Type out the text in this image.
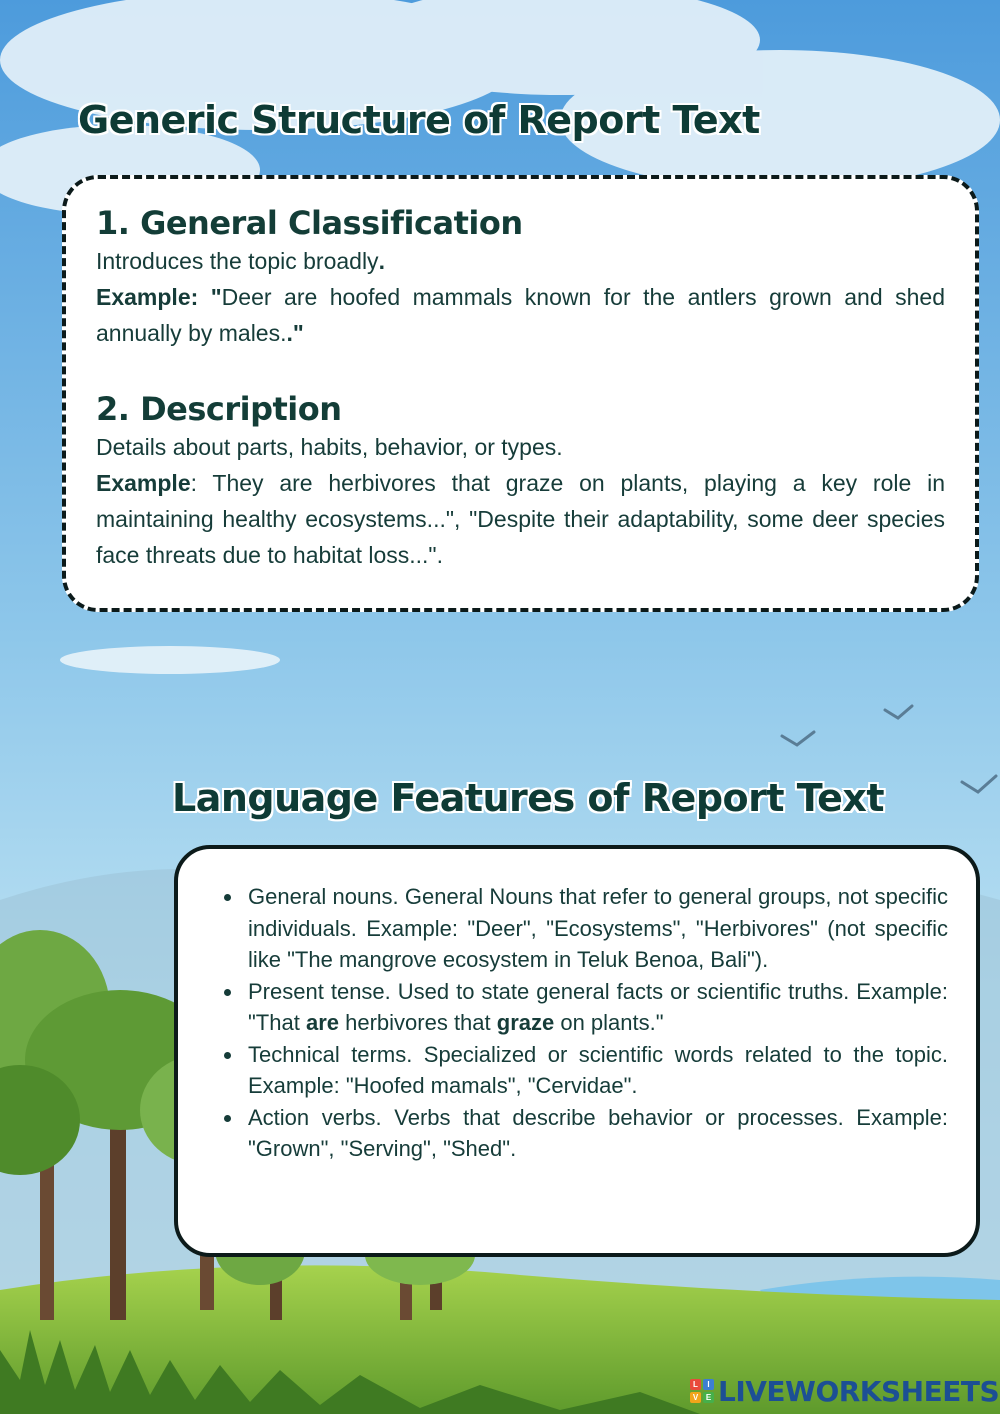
Generic Structure of Report Text
1. General Classification

Introduces the topic broadly.

Example: "Deer are hoofed mammals known for the antlers grown and shed annually by males.."

2. Description

Details about parts, habits, behavior, or types.

Example: They are herbivores that graze on plants, playing a key role in maintaining healthy ecosystems...", "Despite their adaptability, some deer species face threats due to habitat loss...".

Language Features of Report Text
• General nouns. General Nouns that refer to general groups, not specific individuals. Example: "Deer", "Ecosystems", "Herbivores" (not specific like "The mangrove ecosystem in Teluk Benoa, Bali").
• Present tense. Used to state general facts or scientific truths. Example: "That are herbivores that graze on plants."
• Technical terms. Specialized or scientific words related to the topic. Example: "Hoofed mamals", "Cervidae".
• Action verbs. Verbs that describe behavior or processes. Example: "Grown", "Serving", "Shed".
L	I
V E LIVEWORKSHEETS
